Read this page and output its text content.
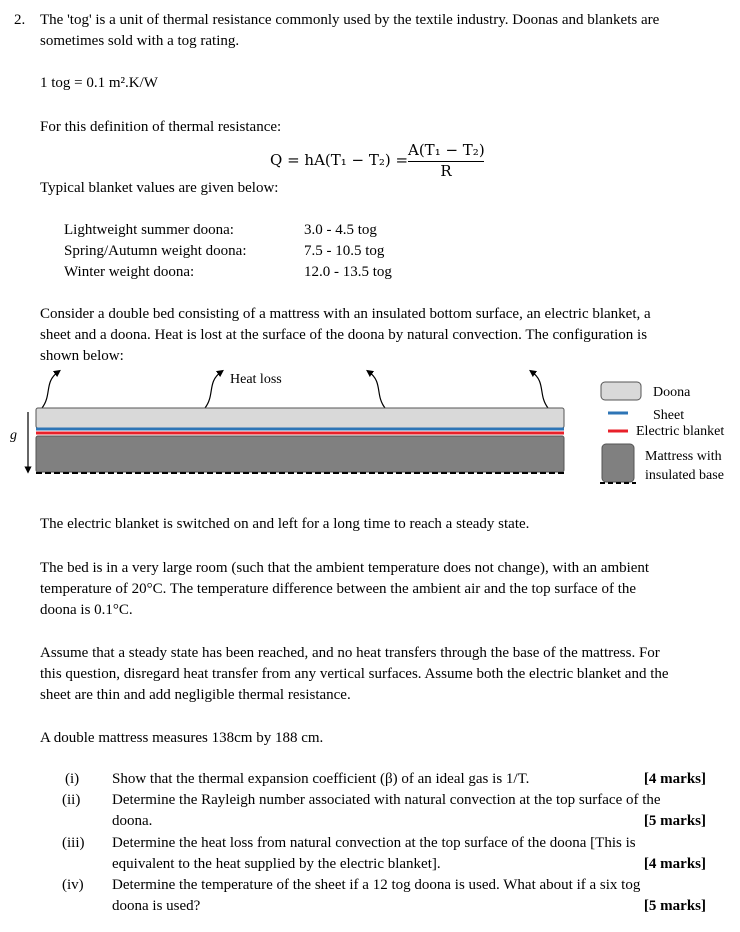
2. The 'tog' is a unit of thermal resistance commonly used by the textile industry. Doonas and blankets are
sometimes sold with a tog rating.
1 tog = 0.1 m².K/W
For this definition of thermal resistance:
Q = hA(T₁ − T₂) =
A(T₁ − T₂)
R
Typical blanket values are given below:
Lightweight summer doona:	3.0 - 4.5 tog
Spring/Autumn weight doona:	7.5 - 10.5 tog
Winter weight doona:	12.0 - 13.5 tog
Consider a double bed consisting of a mattress with an insulated bottom surface, an electric blanket, a
sheet and a doona. Heat is lost at the surface of the doona by natural convection. The configuration is
shown below:
Heat loss
g
Doona
Sheet
Electric blanket
Mattress with
insulated base
The electric blanket is switched on and left for a long time to reach a steady state.
The bed is in a very large room (such that the ambient temperature does not change), with an ambient
temperature of 20°C. The temperature difference between the ambient air and the top surface of the
doona is 0.1°C.
Assume that a steady state has been reached, and no heat transfers through the base of the mattress. For
this question, disregard heat transfer from any vertical surfaces. Assume both the electric blanket and the
sheet are thin and add negligible thermal resistance.
A double mattress measures 138cm by 188 cm.
(i) Show that the thermal expansion coefficient (β) of an ideal gas is 1/T.	[4 marks]
(ii) Determine the Rayleigh number associated with natural convection at the top surface of the
doona.	[5 marks]
(iii) Determine the heat loss from natural convection at the top surface of the doona [This is
equivalent to the heat supplied by the electric blanket].	[4 marks]
(iv) Determine the temperature of the sheet if a 12 tog doona is used. What about if a six tog
doona is used?	[5 marks]
